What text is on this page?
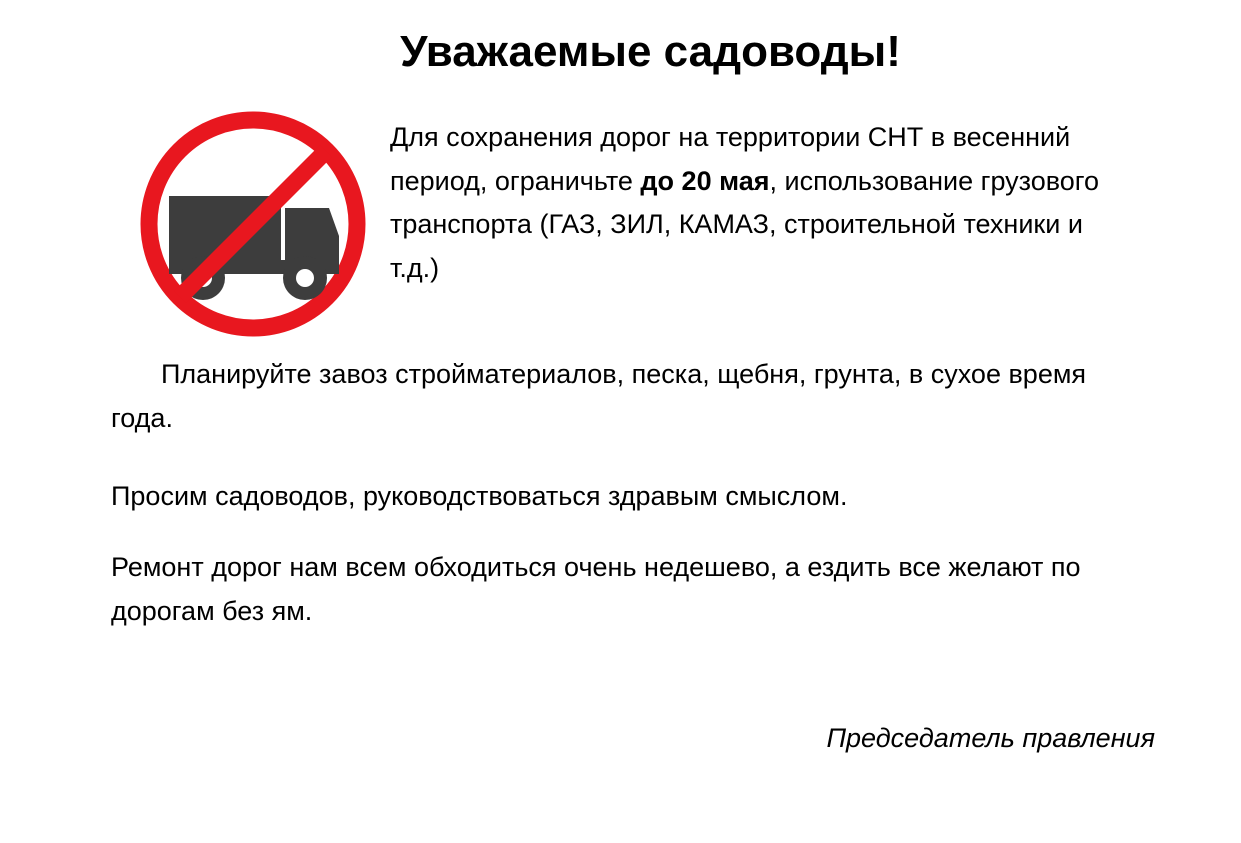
Уважаемые садоводы!
Для сохранения дорог на территории СНТ в весенний период, ограничьте до 20 мая, использование грузового транспорта (ГАЗ, ЗИЛ, КАМАЗ, строительной техники и т.д.)
Планируйте завоз стройматериалов, песка, щебня, грунта, в сухое время года.
Просим садоводов, руководствоваться здравым смыслом.
Ремонт дорог нам всем обходиться очень недешево, а ездить все желают по дорогам без ям.
Председатель правления
